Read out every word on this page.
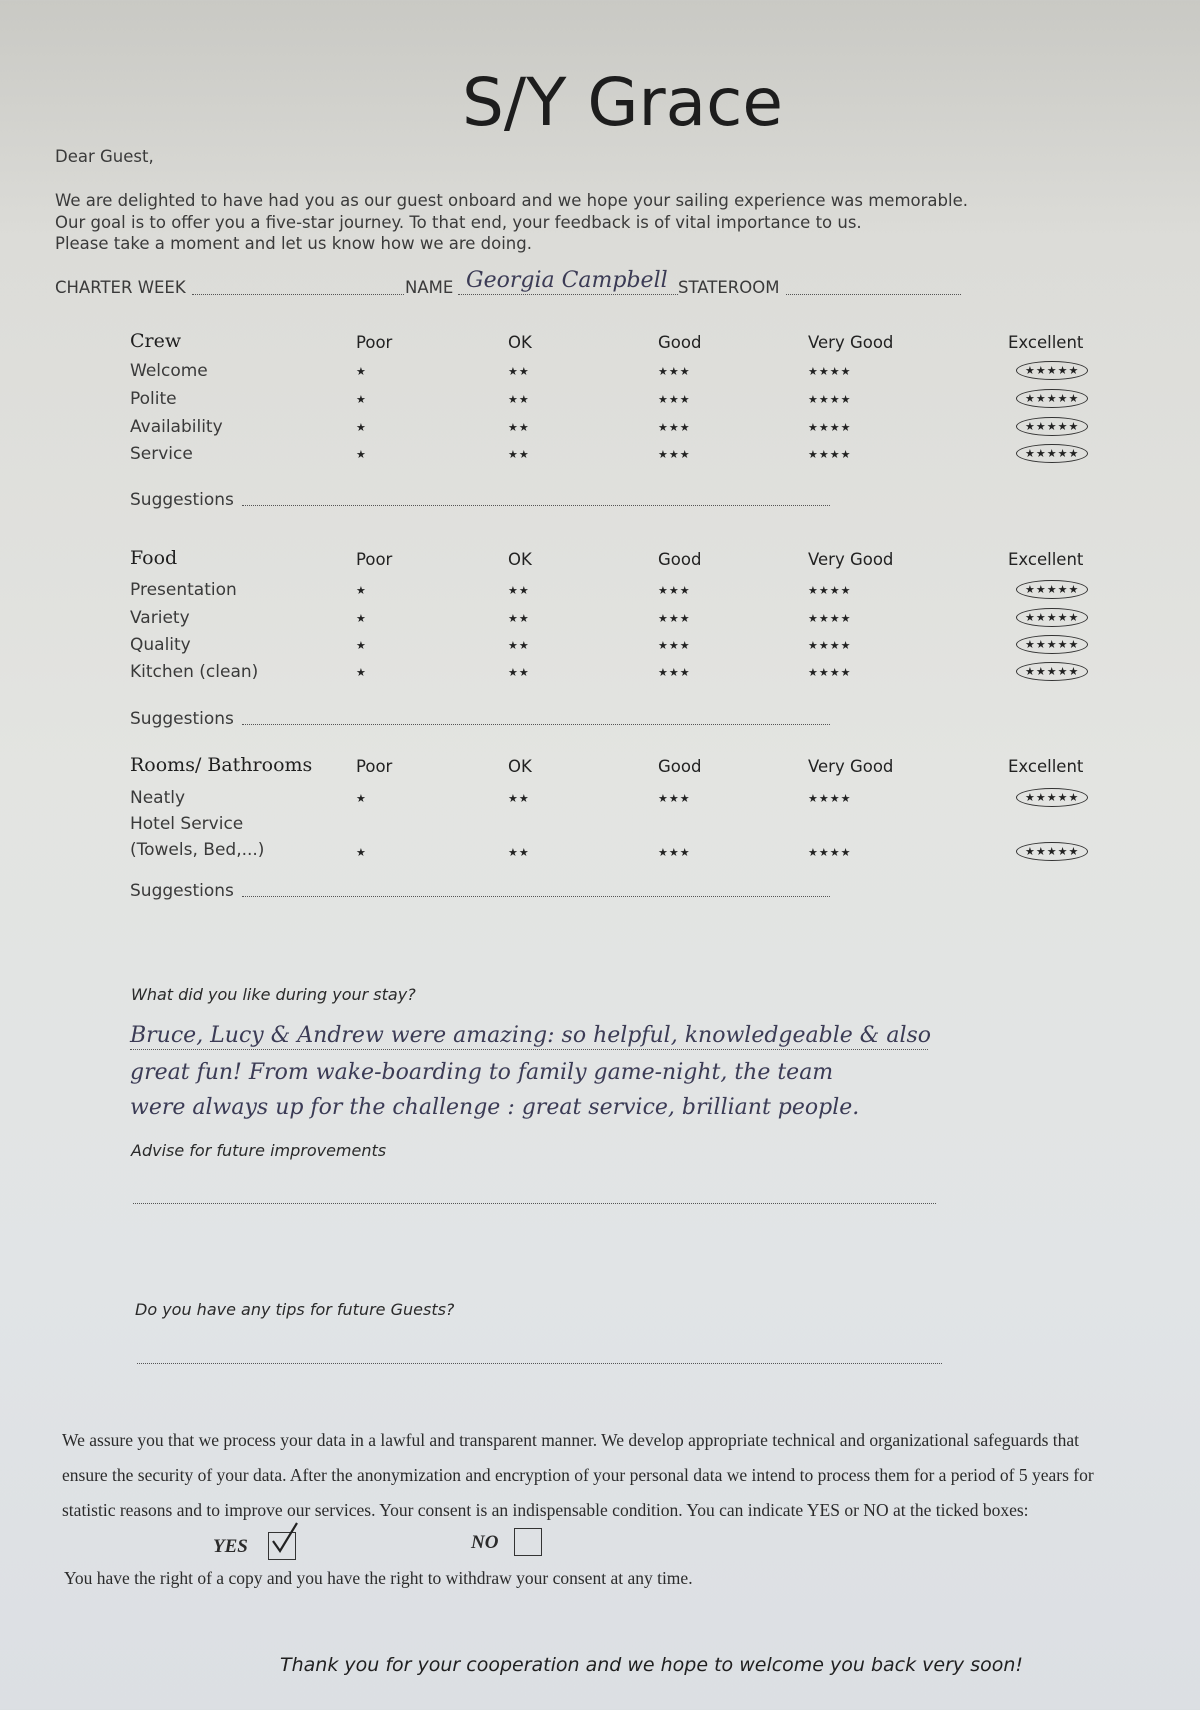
S/Y Grace
Dear Guest,
We are delighted to have had you as our guest onboard and we hope your sailing experience was memorable.
Our goal is to offer you a five-star journey. To that end, your feedback is of vital importance to us.
Please take a moment and let us know how we are doing.
CHARTER WEEK	NAME Georgia Campbell STATEROOM
Crew	Poor	OK	Good	Very Good	Excellent
Welcome	★	★★	★★★	★★★★	★★★★★
Polite	★	★★	★★★	★★★★	★★★★★
Availability	★	★★	★★★	★★★★	★★★★★
Service	★	★★	★★★	★★★★	★★★★★
Suggestions
Food	Poor	OK	Good	Very Good	Excellent
Presentation	★	★★	★★★	★★★★	★★★★★
Variety	★	★★	★★★	★★★★	★★★★★
Quality	★	★★	★★★	★★★★	★★★★★
Kitchen (clean)	★	★★	★★★	★★★★	★★★★★
Suggestions
Rooms/ Bathrooms	Poor	OK	Good	Very Good	Excellent
Neatly	★	★★	★★★	★★★★	★★★★★
Hotel Service
(Towels, Bed,...)	★	★★	★★★	★★★★	★★★★★
Suggestions
What did you like during your stay?
Bruce, Lucy & Andrew were amazing: so helpful, knowledgeable & also
great fun! From wake-boarding to family game-night, the team
were always up for the challenge : great service, brilliant people.
Advise for future improvements
Do you have any tips for future Guests?
We assure you that we process your data in a lawful and transparent manner. We develop appropriate technical and organizational safeguards that
ensure the security of your data. After the anonymization and encryption of your personal data we intend to process them for a period of 5 years for
statistic reasons and to improve our services. Your consent is an indispensable condition. You can indicate YES or NO at the ticked boxes:
YES	NO
You have the right of a copy and you have the right to withdraw your consent at any time.
Thank you for your cooperation and we hope to welcome you back very soon!
